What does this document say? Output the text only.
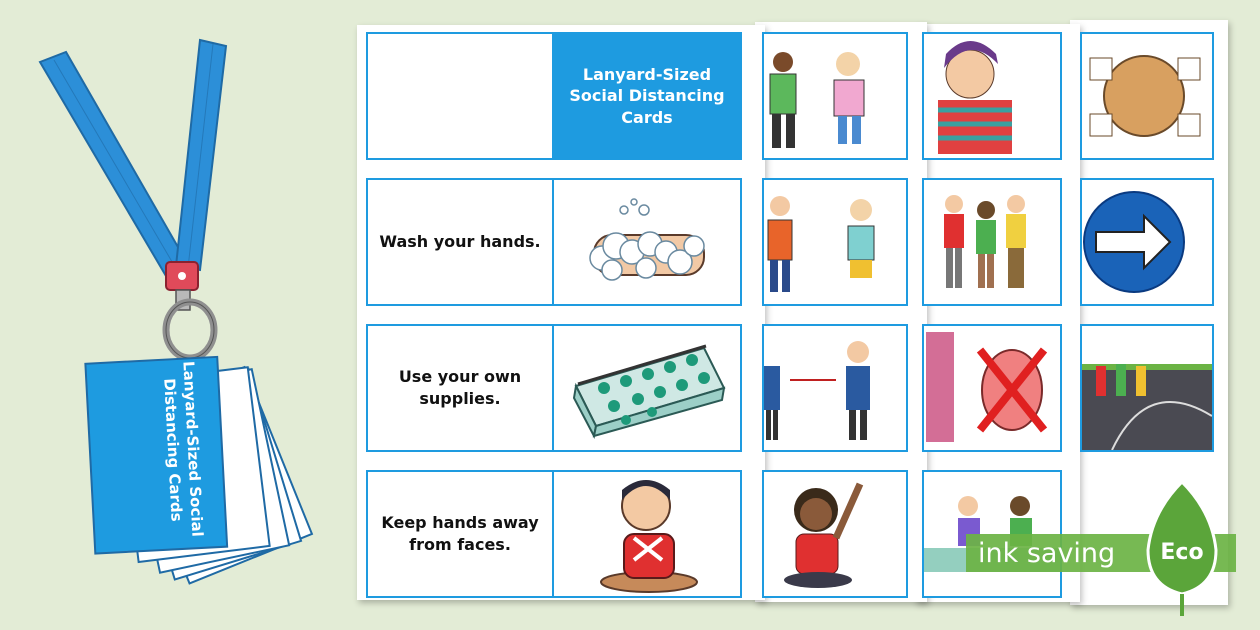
Lanyard-Sized Social Distancing Cards
Lanyard-Sized Social Distancing Cards
Wash your hands.
Use your own supplies.
Keep hands away from faces.	ink saving Eco
